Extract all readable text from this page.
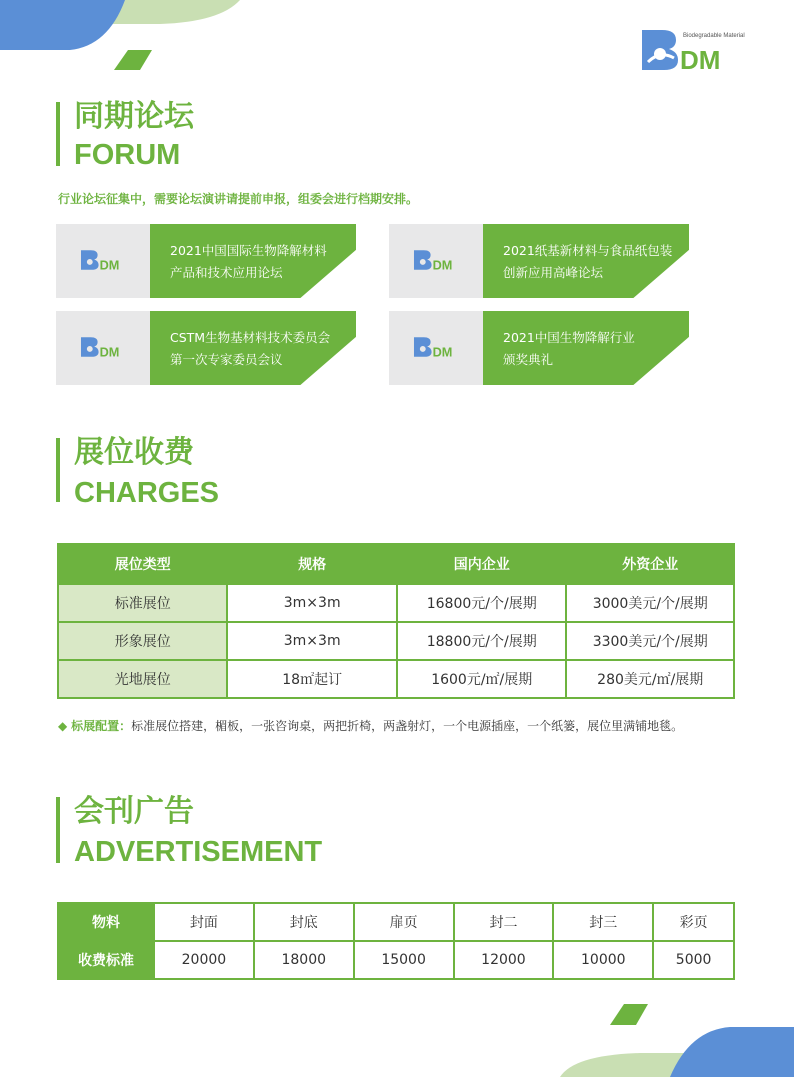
DM
Biodegradable Material
同期论坛
FORUM
行业论坛征集中，需要论坛演讲请提前申报，组委会进行档期安排。
DM
2021中国国际生物降解材料
产品和技术应用论坛
DM
2021纸基新材料与食品纸包装
创新应用高峰论坛
DM
CSTM生物基材料技术委员会
第一次专家委员会议
DM
2021中国生物降解行业
颁奖典礼
展位收费
CHARGES
展位类型	规格	国内企业	外资企业
标准展位	3m×3m	16800元/个/展期	3000美元/个/展期
形象展位	3m×3m	18800元/个/展期	3300美元/个/展期
光地展位	18㎡起订	1600元/㎡/展期	280美元/㎡/展期
◆ 标展配置：标准展位搭建，楣板，一张咨询桌，两把折椅，两盏射灯，一个电源插座，一个纸篓，展位里满铺地毯。
会刊广告
ADVERTISEMENT
物料	封面	封底	扉页	封二	封三	彩页
收费标准	20000	18000	15000	12000	10000	5000
